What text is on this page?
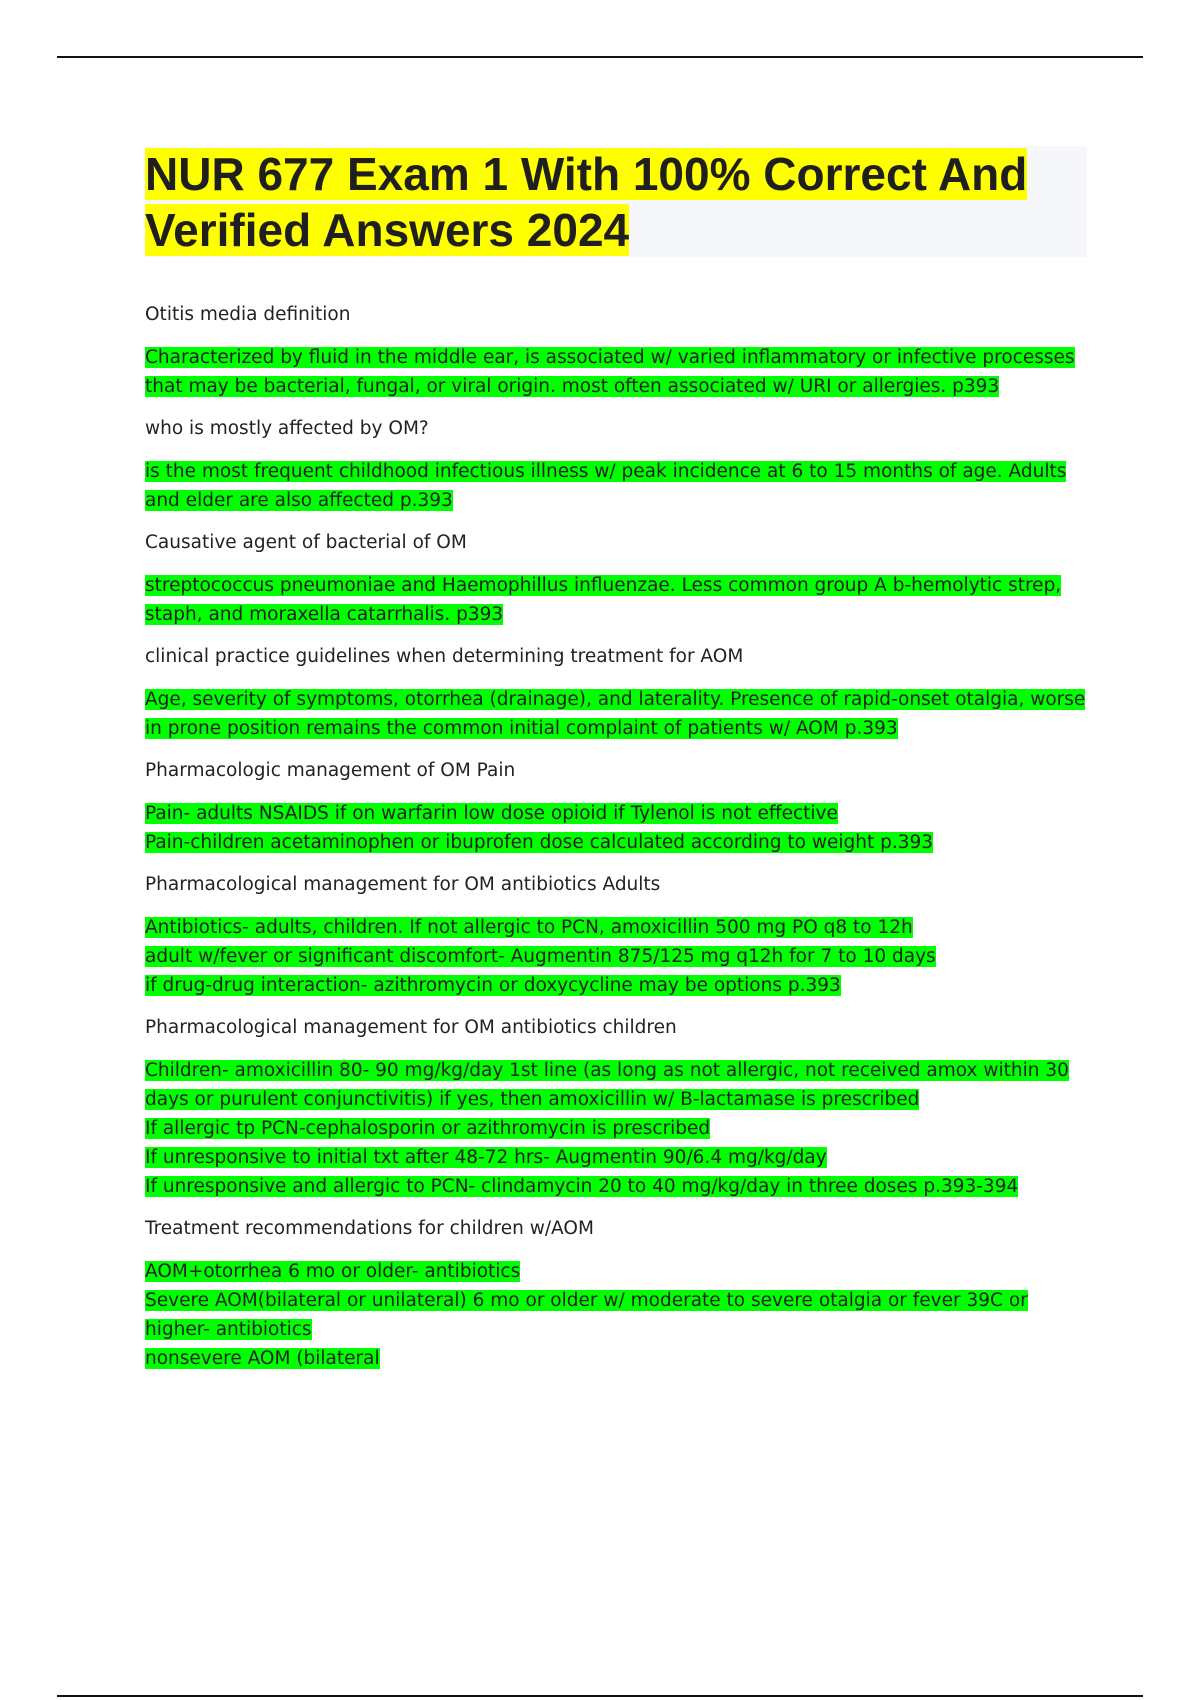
NUR 677 Exam 1 With 100% Correct And Verified Answers 2024

Otitis media definition

Characterized by fluid in the middle ear, is associated w/ varied inflammatory or infective processes that may be bacterial, fungal, or viral origin. most often associated w/ URI or allergies. p393

who is mostly affected by OM?

is the most frequent childhood infectious illness w/ peak incidence at 6 to 15 months of age. Adults and elder are also affected p.393

Causative agent of bacterial of OM

streptococcus pneumoniae and Haemophillus influenzae. Less common group A b-hemolytic strep, staph, and moraxella catarrhalis. p393

clinical practice guidelines when determining treatment for AOM

Age, severity of symptoms, otorrhea (drainage), and laterality. Presence of rapid-onset otalgia, worse in prone position remains the common initial complaint of patients w/ AOM p.393

Pharmacologic management of OM Pain

Pain- adults NSAIDS if on warfarin low dose opioid if Tylenol is not effective
Pain-children acetaminophen or ibuprofen dose calculated according to weight p.393

Pharmacological management for OM antibiotics Adults

Antibiotics- adults, children. If not allergic to PCN, amoxicillin 500 mg PO q8 to 12h
adult w/fever or significant discomfort- Augmentin 875/125 mg q12h for 7 to 10 days
if drug-drug interaction- azithromycin or doxycycline may be options p.393

Pharmacological management for OM antibiotics children

Children- amoxicillin 80- 90 mg/kg/day 1st line (as long as not allergic, not received amox within 30 days or purulent conjunctivitis) if yes, then amoxicillin w/ B-lactamase is prescribed
If allergic tp PCN-cephalosporin or azithromycin is prescribed
If unresponsive to initial txt after 48-72 hrs- Augmentin 90/6.4 mg/kg/day
If unresponsive and allergic to PCN- clindamycin 20 to 40 mg/kg/day in three doses p.393-394

Treatment recommendations for children w/AOM

AOM+otorrhea 6 mo or older- antibiotics
Severe AOM(bilateral or unilateral) 6 mo or older w/ moderate to severe otalgia or fever 39C or higher- antibiotics
nonsevere AOM (bilateral
